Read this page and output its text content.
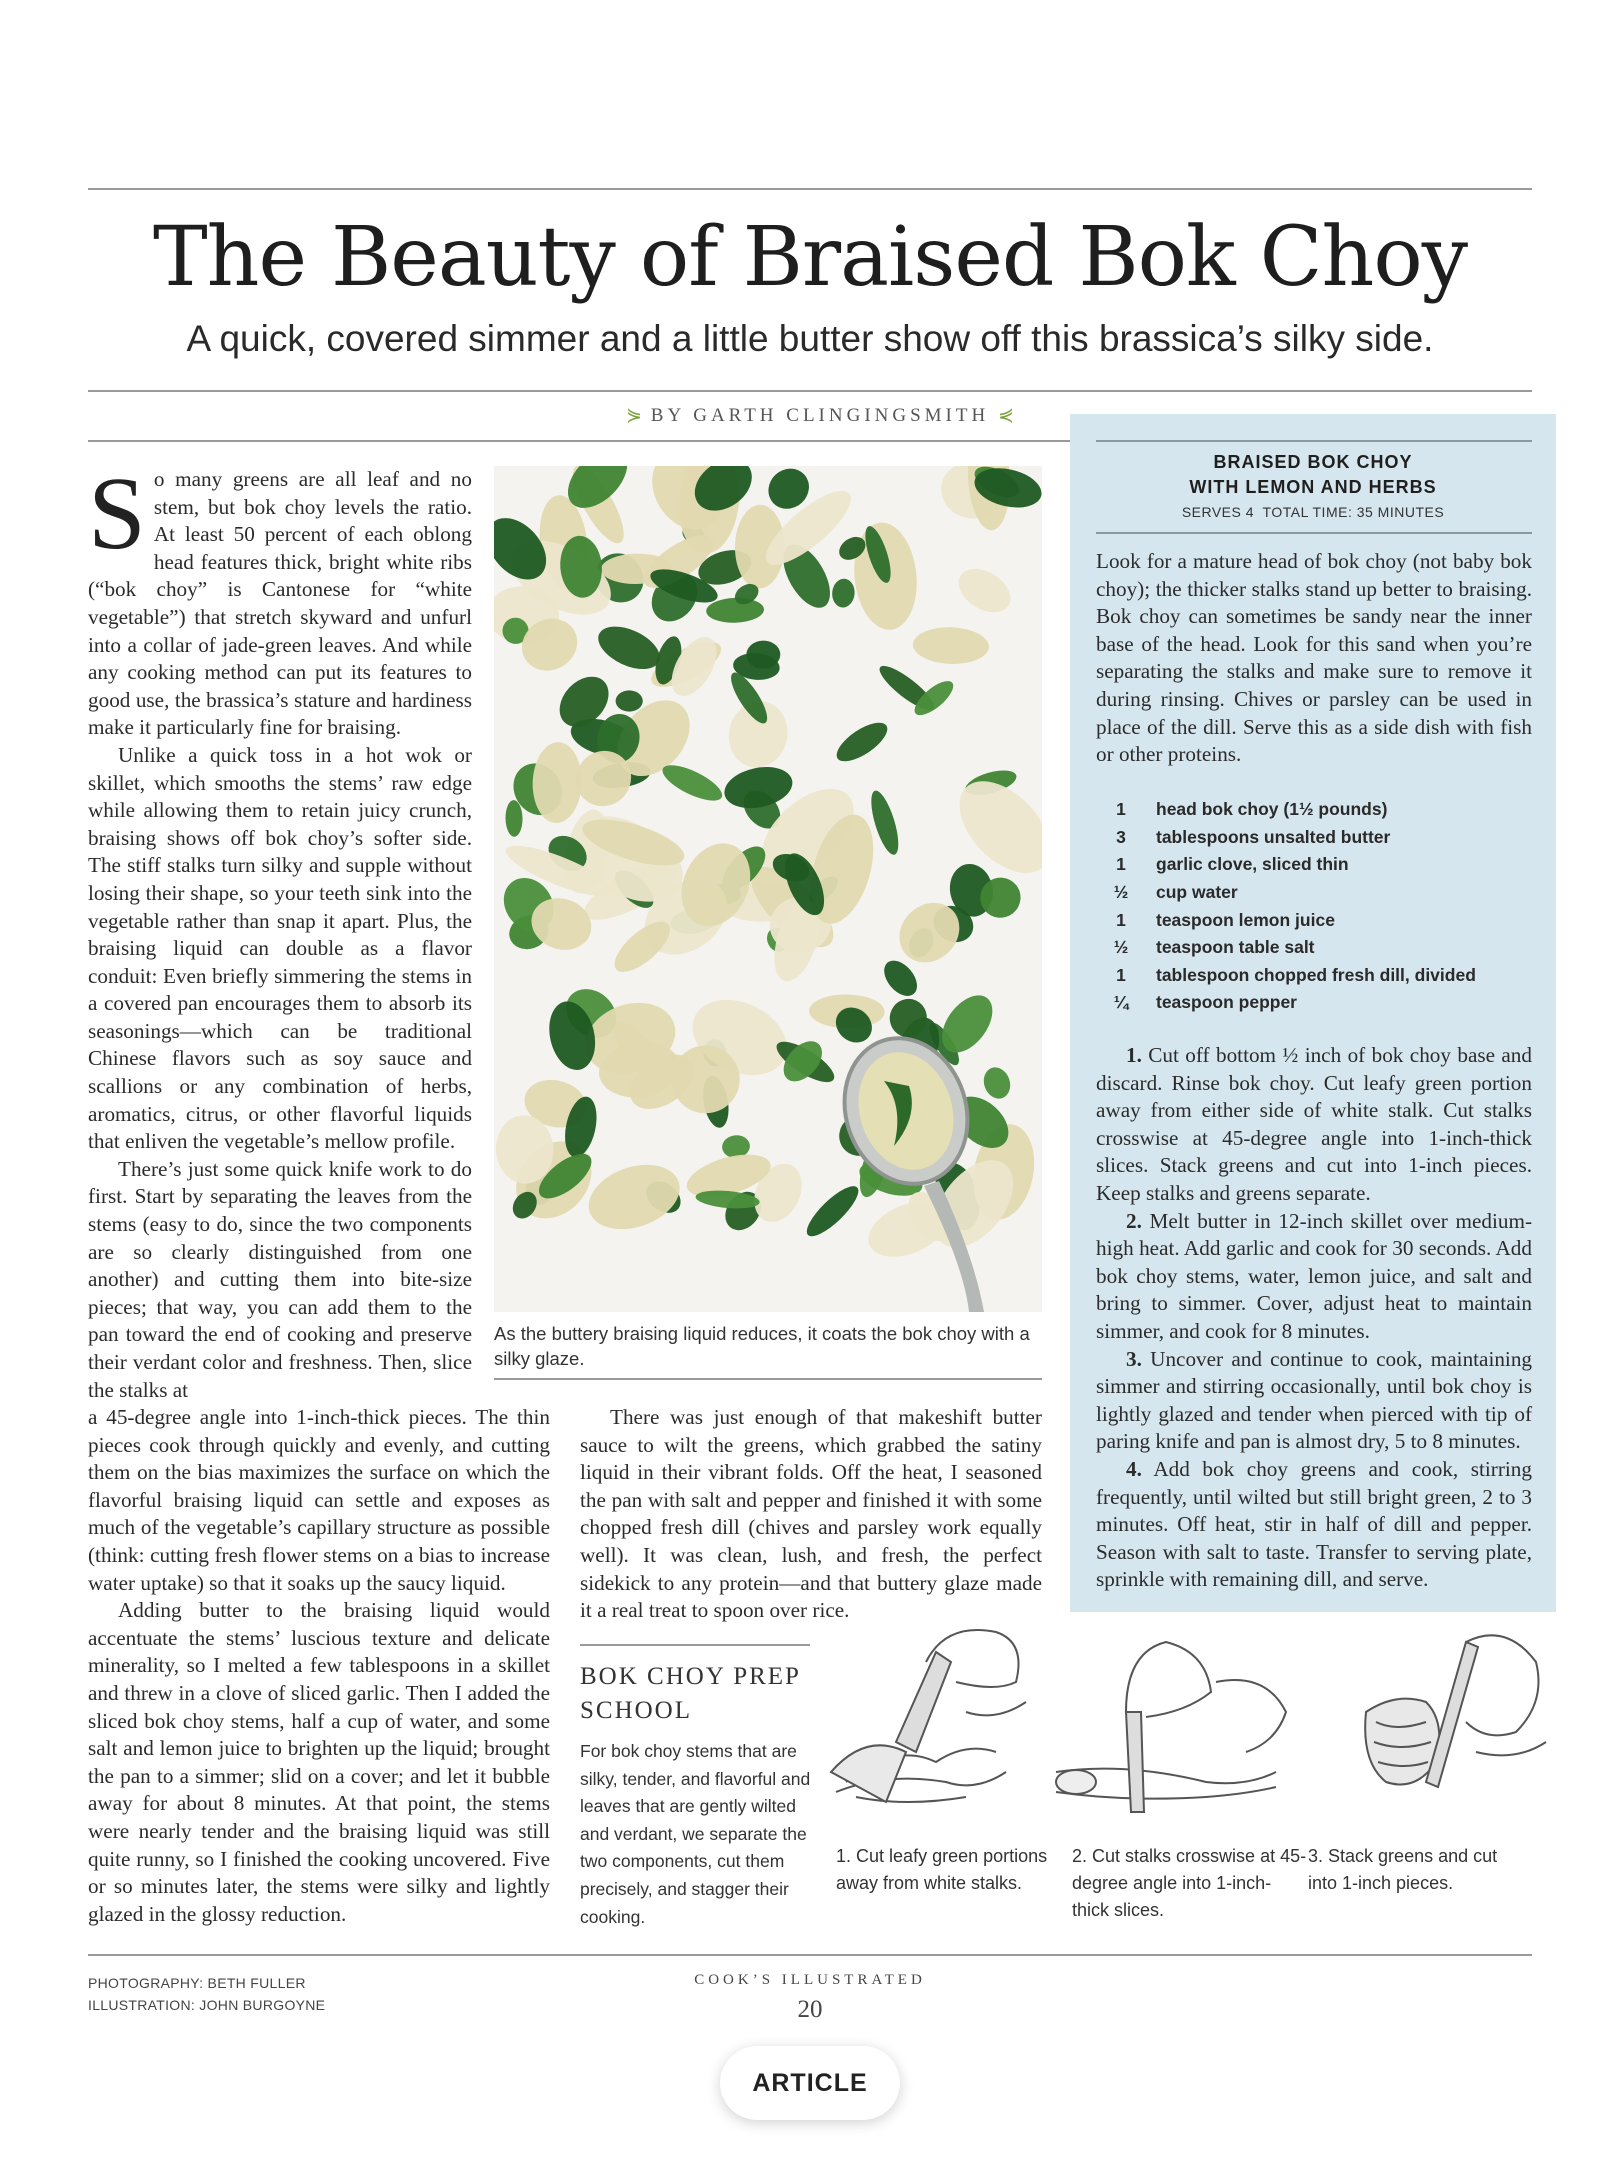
The Beauty of Braised Bok Choy
A quick, covered simmer and a little butter show off this brassica’s silky side.
⋟ BY GARTH CLINGINGSMITH ⋞
BRAISED BOK CHOY
WITH LEMON AND HERBS
SERVES 4  TOTAL TIME: 35 MINUTES
Look for a mature head of bok choy (not baby bok choy); the thicker stalks stand up better to braising. Bok choy can sometimes be sandy near the inner base of the head. Look for this sand when you’re separating the stalks and make sure to remove it during rinsing. Chives or parsley can be used in place of the dill. Serve this as a side dish with fish or other proteins.
1	head bok choy (1½ pounds)
3	tablespoons unsalted butter
1	garlic clove, sliced thin
½	cup water
1	teaspoon lemon juice
½	teaspoon table salt
1	tablespoon chopped fresh dill, divided
¼	teaspoon pepper

1. Cut off bottom ½ inch of bok choy base and discard. Rinse bok choy. Cut leafy green portion away from either side of white stalk. Cut stalks crosswise at 45-degree angle into 1-inch-thick slices. Stack greens and cut into 1-inch pieces. Keep stalks and greens separate.

2. Melt butter in 12-inch skillet over medium-high heat. Add garlic and cook for 30 seconds. Add bok choy stems, water, lemon juice, and salt and bring to simmer. Cover, adjust heat to maintain simmer, and cook for 8 minutes.

3. Uncover and continue to cook, maintaining simmer and stirring occasionally, until bok choy is lightly glazed and tender when pierced with tip of paring knife and pan is almost dry, 5 to 8 minutes.

4. Add bok choy greens and cook, stirring frequently, until wilted but still bright green, 2 to 3 minutes. Off heat, stir in half of dill and pepper. Season with salt to taste. Transfer to serving plate, sprinkle with remaining dill, and serve.

S o many greens are all leaf and no stem, but bok choy levels the ratio. At least 50 percent of each oblong head features thick, bright white ribs (“bok choy” is Cantonese for “white vegetable”) that stretch skyward and unfurl into a collar of jade-green leaves. And while any cooking method can put its features to good use, the brassica’s stature and hardiness make it particularly fine for braising.

Unlike a quick toss in a hot wok or skillet, which smooths the stems’ raw edge while allowing them to retain juicy crunch, braising shows off bok choy’s softer side. The stiff stalks turn silky and supple without losing their shape, so your teeth sink into the vegetable rather than snap it apart. Plus, the braising liquid can double as a flavor conduit: Even briefly simmering the stems in a covered pan encourages them to absorb its seasonings—which can be traditional Chinese flavors such as soy sauce and scallions or any combination of herbs, aromatics, citrus, or other flavorful liquids that enliven the vegetable’s mellow profile.

There’s just some quick knife work to do first. Start by separating the leaves from the stems (easy to do, since the two components are so clearly distinguished from one another) and cutting them into bite-size pieces; that way, you can add them to the pan toward the end of cooking and preserve their verdant color and freshness. Then, slice the stalks at

As the buttery braising liquid reduces, it coats the bok choy with a silky glaze.

a 45-degree angle into 1-inch-thick pieces. The thin pieces cook through quickly and evenly, and cutting them on the bias maximizes the surface on which the flavorful braising liquid can settle and exposes as much of the vegetable’s capillary structure as possible (think: cutting fresh flower stems on a bias to increase water uptake) so that it soaks up the saucy liquid.

Adding butter to the braising liquid would accentuate the stems’ luscious texture and delicate minerality, so I melted a few tablespoons in a skillet and threw in a clove of sliced garlic. Then I added the sliced bok choy stems, half a cup of water, and some salt and lemon juice to brighten up the liquid; brought the pan to a simmer; slid on a cover; and let it bubble away for about 8 minutes. At that point, the stems were nearly tender and the braising liquid was still quite runny, so I finished the cooking uncovered. Five or so minutes later, the stems were silky and lightly glazed in the glossy reduction.

There was just enough of that makeshift butter sauce to wilt the greens, which grabbed the satiny liquid in their vibrant folds. Off the heat, I seasoned the pan with salt and pepper and finished it with some chopped fresh dill (chives and parsley work equally well). It was clean, lush, and fresh, the perfect sidekick to any protein—and that buttery glaze made it a real treat to spoon over rice.

BOK CHOY PREP
SCHOOL
For bok choy stems that are silky, tender, and flavorful and leaves that are gently wilted and verdant, we separate the two components, cut them precisely, and stagger their cooking.
1. Cut leafy green portions away from white stalks.
2. Cut stalks crosswise at 45-degree angle into 1-inch-thick slices.
3. Stack greens and cut into 1-inch pieces.
PHOTOGRAPHY: BETH FULLER
ILLUSTRATION: JOHN BURGOYNE
COOK’S ILLUSTRATED
20
ARTICLE
